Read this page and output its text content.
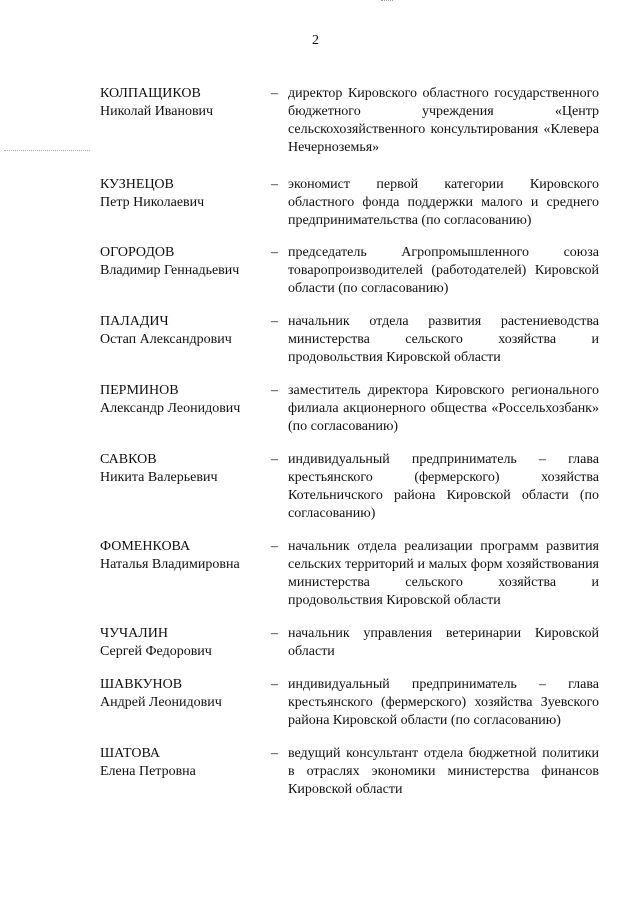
2
КОЛПАЩИКОВ
Николай Иванович
– директор Кировского областного государственного бюджетного учреждения «Центр сельскохозяйственного консультирования «Клевера Нечерноземья»
КУЗНЕЦОВ
Петр Николаевич
– экономист первой категории Кировского областного фонда поддержки малого и среднего предпринимательства (по согласованию)
ОГОРОДОВ
Владимир Геннадьевич
– председатель Агропромышленного союза товаропроизводителей (работодателей) Кировской области (по согласованию)
ПАЛАДИЧ
Остап Александрович
– начальник отдела развития растениеводства министерства сельского хозяйства и продовольствия Кировской области
ПЕРМИНОВ
Александр Леонидович
– заместитель директора Кировского регионального филиала акционерного общества «Россельхозбанк» (по согласованию)
САВКОВ
Никита Валерьевич
– индивидуальный предприниматель – глава крестьянского (фермерского) хозяйства Котельничского района Кировской области (по согласованию)
ФОМЕНКОВА
Наталья Владимировна
– начальник отдела реализации программ развития сельских территорий и малых форм хозяйствования министерства сельского хозяйства и продовольствия Кировской области
ЧУЧАЛИН
Сергей Федорович
– начальник управления ветеринарии Кировской области
ШАВКУНОВ
Андрей Леонидович
– индивидуальный предприниматель – глава крестьянского (фермерского) хозяйства Зуевского района Кировской области (по согласованию)
ШАТОВА
Елена Петровна
– ведущий консультант отдела бюджетной политики в отраслях экономики министерства финансов Кировской области
